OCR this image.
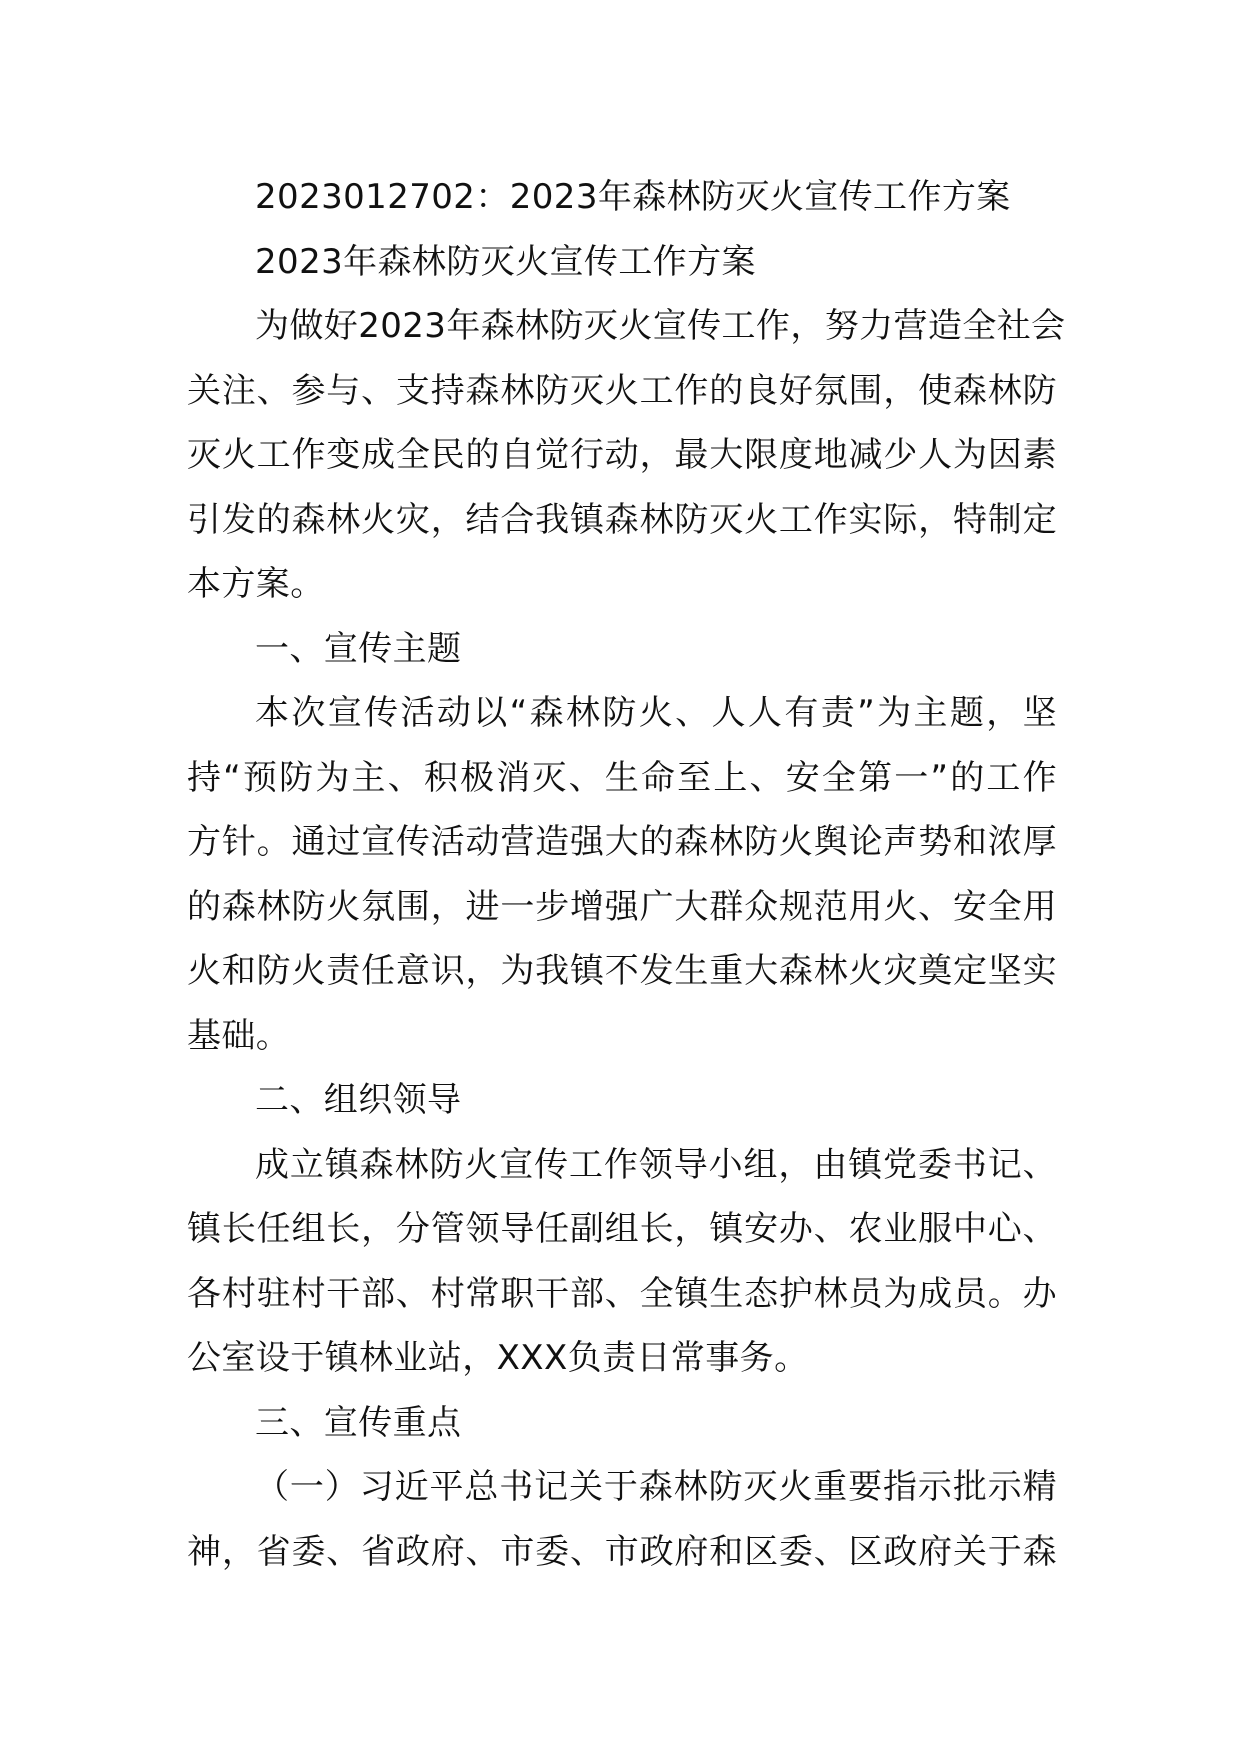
2023012702：2023年森林防灭火宣传工作方案
2023年森林防灭火宣传工作方案
为做好2023年森林防灭火宣传工作，努力营造全社会
关注、参与、支持森林防灭火工作的良好氛围，使森林防
灭火工作变成全民的自觉行动，最大限度地减少人为因素
引发的森林火灾，结合我镇森林防灭火工作实际，特制定
本方案。
一、宣传主题
本次宣传活动以“森林防火、人人有责”为主题，坚
持“预防为主、积极消灭、生命至上、安全第一”的工作
方针。通过宣传活动营造强大的森林防火舆论声势和浓厚
的森林防火氛围，进一步增强广大群众规范用火、安全用
火和防火责任意识，为我镇不发生重大森林火灾奠定坚实
基础。
二、组织领导
成立镇森林防火宣传工作领导小组，由镇党委书记、
镇长任组长，分管领导任副组长，镇安办、农业服中心、
各村驻村干部、村常职干部、全镇生态护林员为成员。办
公室设于镇林业站，XXX负责日常事务。
三、宣传重点
（一）习近平总书记关于森林防灭火重要指示批示精
神，省委、省政府、市委、市政府和区委、区政府关于森
